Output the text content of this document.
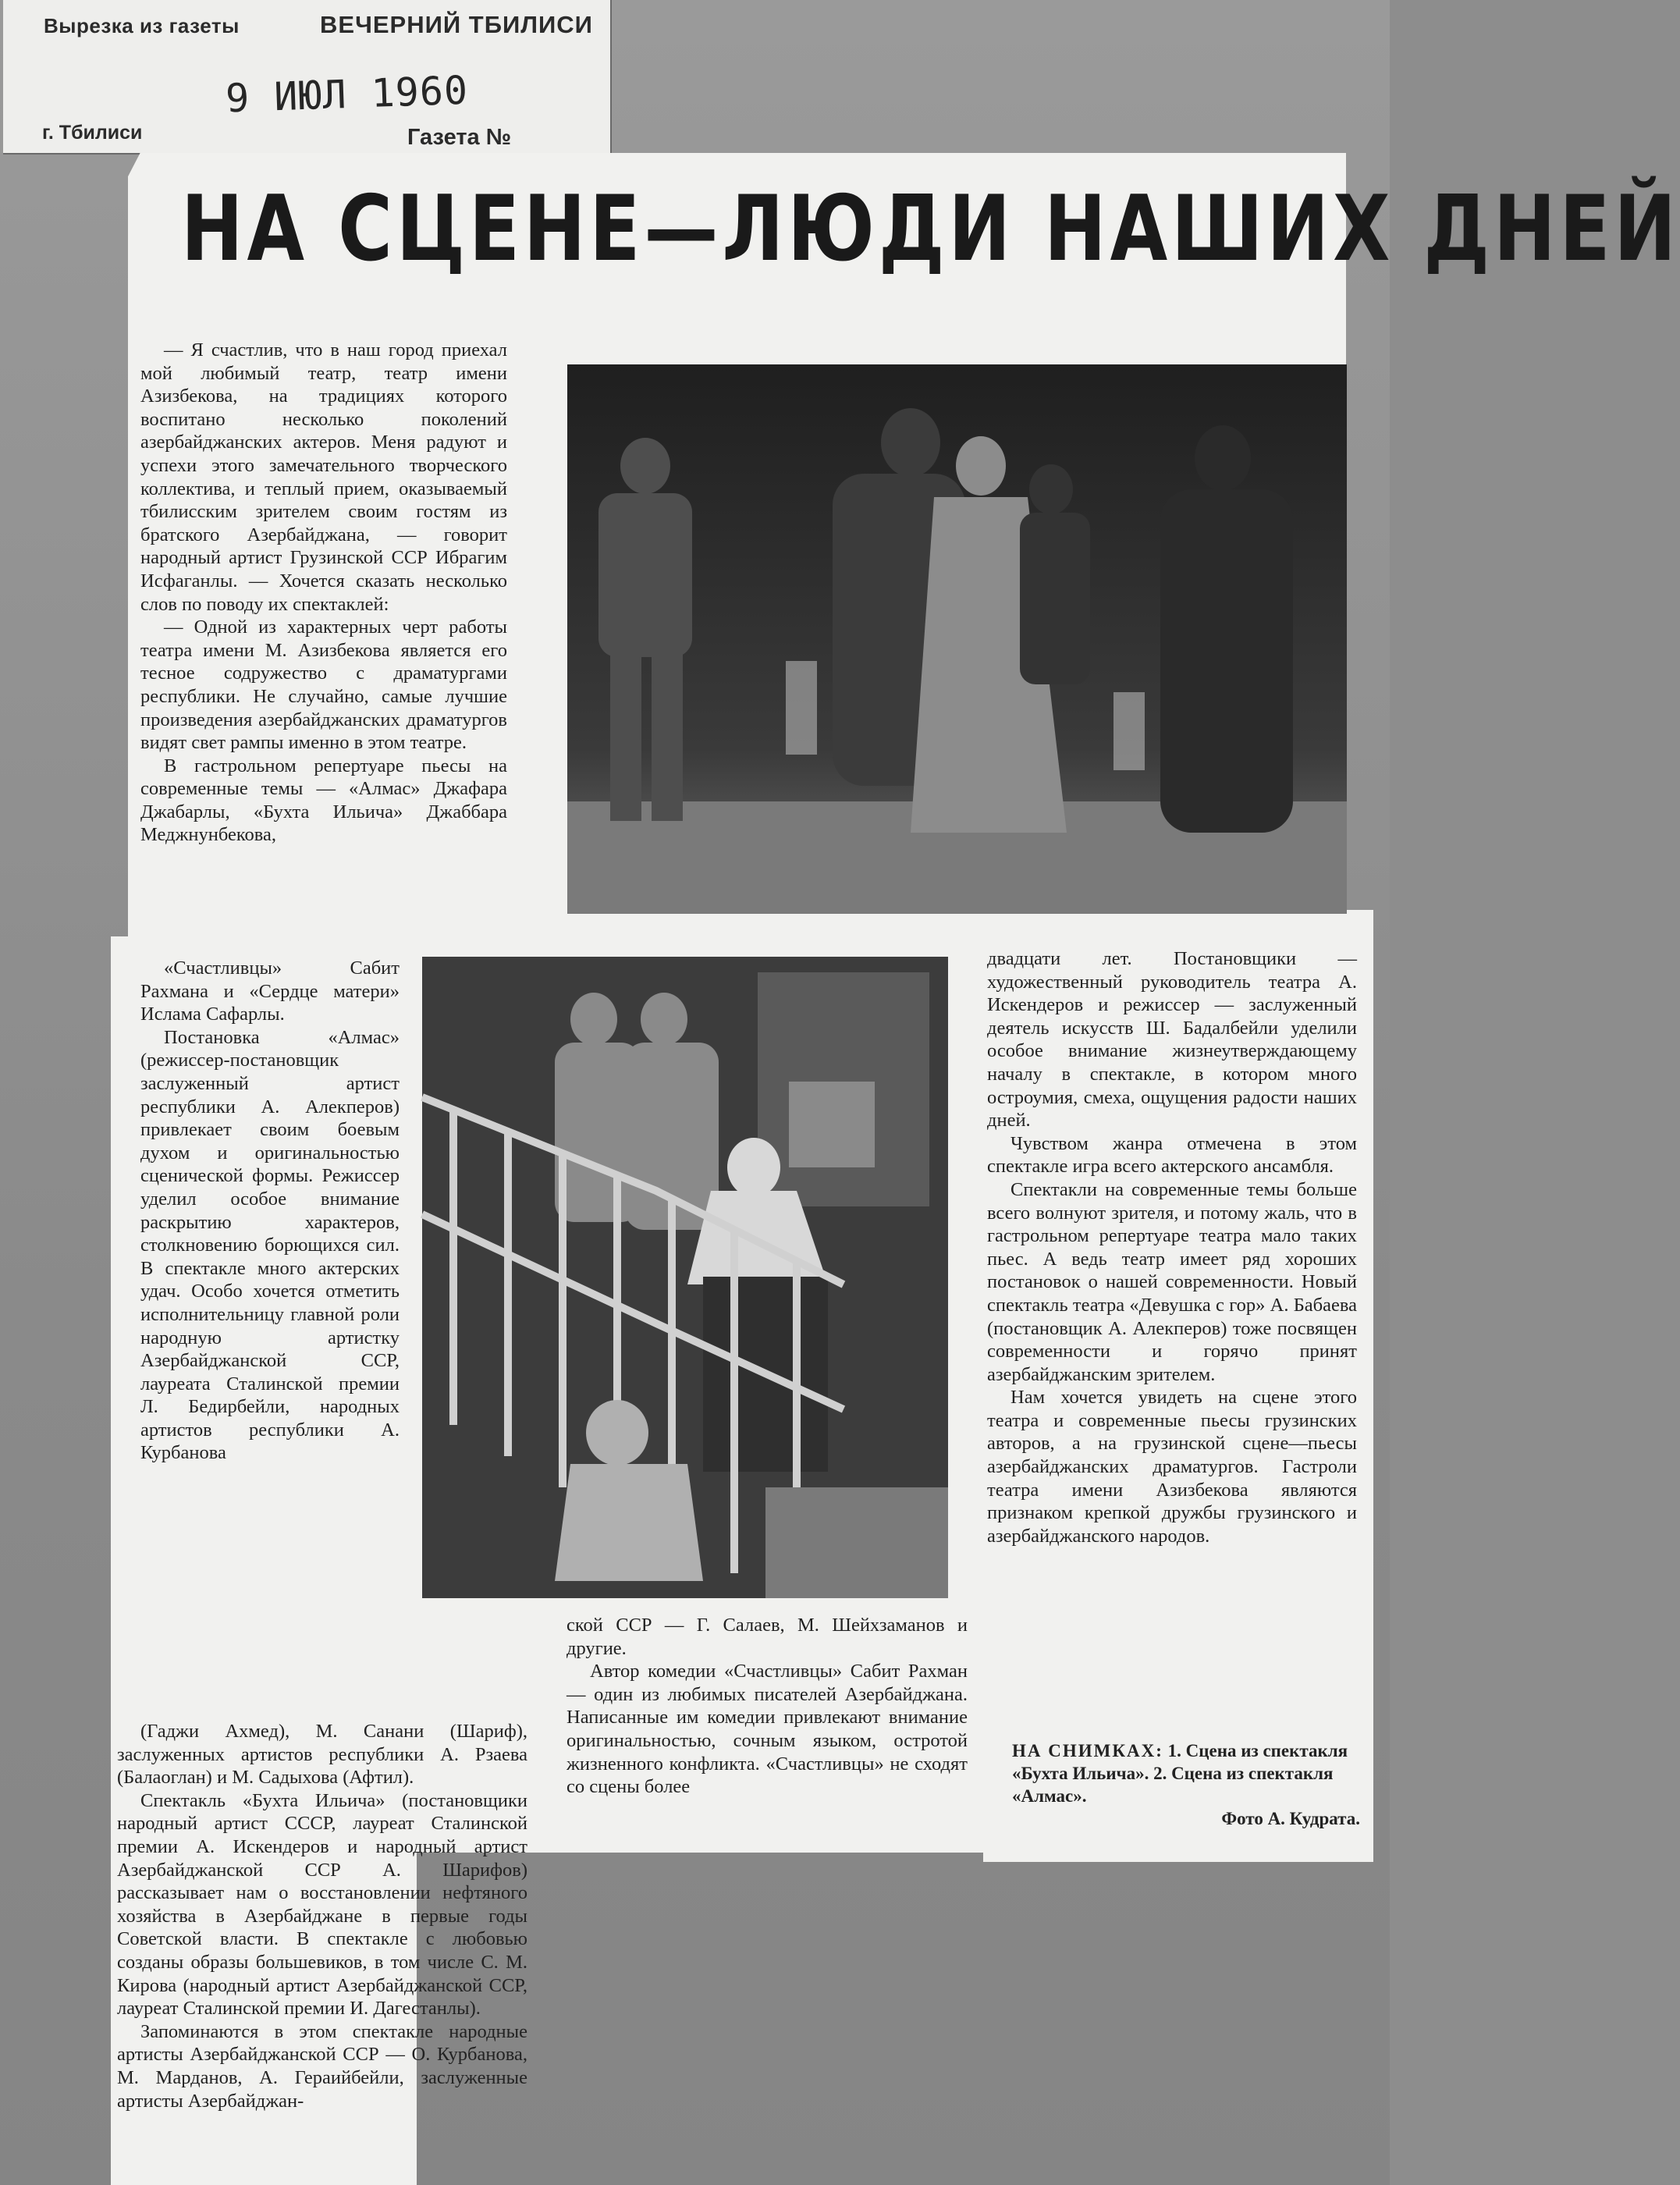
Вырезка из газеты	ВЕЧЕРНИЙ ТБИЛИСИ
9 ИЮЛ 1960
г. Тбилиси	Газета №
НА СЦЕНЕ—ЛЮДИ НАШИХ ДНЕЙ

— Я счастлив, что в наш город приехал мой любимый театр, театр имени Азизбекова, на традициях которого воспитано несколько поколений азербайджанских актеров. Меня радуют и успехи этого замечательного творческого коллектива, и теплый прием, оказываемый тбилисским зрителем своим гостям из братского Азербайджана, — говорит народный артист Грузинской ССР Ибрагим Исфаганлы. — Хочется сказать несколько слов по поводу их спектаклей:

— Одной из характерных черт работы театра имени М. Азизбекова является его тесное содружество с драматургами республики. Не случайно, самые лучшие произведения азербайджанских драматургов видят свет рампы именно в этом театре.

В гастрольном репертуаре пьесы на современные темы — «Алмас» Джафара Джабарлы, «Бухта Ильича» Джаббара Меджнунбекова,

«Счастливцы» Сабит Рахмана и «Сердце матери» Ислама Сафарлы.

Постановка «Алмас» (режиссер-постановщик заслуженный артист республики А. Алекперов) привлекает своим боевым духом и оригинальностью сценической формы. Режиссер уделил особое внимание раскрытию характеров, столкновению борющихся сил. В спектакле много актерских удач. Особо хочется отметить исполнительницу главной роли народную артистку Азербайджанской ССР, лауреата Сталинской премии Л. Бедирбейли, народных артистов республики А. Курбанова

(Гаджи Ахмед), М. Санани (Шариф), заслуженных артистов республики А. Рзаева (Балаоглан) и М. Садыхова (Афтил).

Спектакль «Бухта Ильича» (постановщики народный артист СССР, лауреат Сталинской премии А. Искендеров и народный артист Азербайджанской ССР А. Шарифов) рассказывает нам о восстановлении нефтяного хозяйства в Азербайджане в первые годы Советской власти. В спектакле с любовью созданы образы большевиков, в том числе С. М. Кирова (народный артист Азербайджанской ССР, лауреат Сталинской премии И. Дагестанлы).

Запоминаются в этом спектакле народные артисты Азербайджанской ССР — О. Курбанова, М. Марданов, А. Гераийбейли, заслуженные артисты Азербайджан-

ской ССР — Г. Салаев, М. Шейхзаманов и другие.

Автор комедии «Счастливцы» Сабит Рахман — один из любимых писателей Азербайджана. Написанные им комедии привлекают внимание оригинальностью, сочным языком, остротой жизненного конфликта. «Счастливцы» не сходят со сцены более

двадцати лет. Постановщики — художественный руководитель театра А. Искендеров и режиссер — заслуженный деятель искусств Ш. Бадалбейли уделили особое внимание жизнеутверждающему началу в спектакле, в котором много остроумия, смеха, ощущения радости наших дней.

Чувством жанра отмечена в этом спектакле игра всего актерского ансамбля.

Спектакли на современные темы больше всего волнуют зрителя, и потому жаль, что в гастрольном репертуаре театра мало таких пьес. А ведь театр имеет ряд хороших постановок о нашей современности. Новый спектакль театра «Девушка с гор» А. Бабаева (постановщик А. Алекперов) тоже посвящен современности и горячо принят азербайджанским зрителем.

Нам хочется увидеть на сцене этого театра и современные пьесы грузинских авторов, а на грузинской сцене—пьесы азербайджанских драматургов. Гастроли театра имени Азизбекова являются признаком крепкой дружбы грузинского и азербайджанского народов.

НА СНИМКАХ: 1. Сцена из спектакля «Бухта Ильича». 2. Сцена из спектакля «Алмас».
Фото А. Кудрата.
